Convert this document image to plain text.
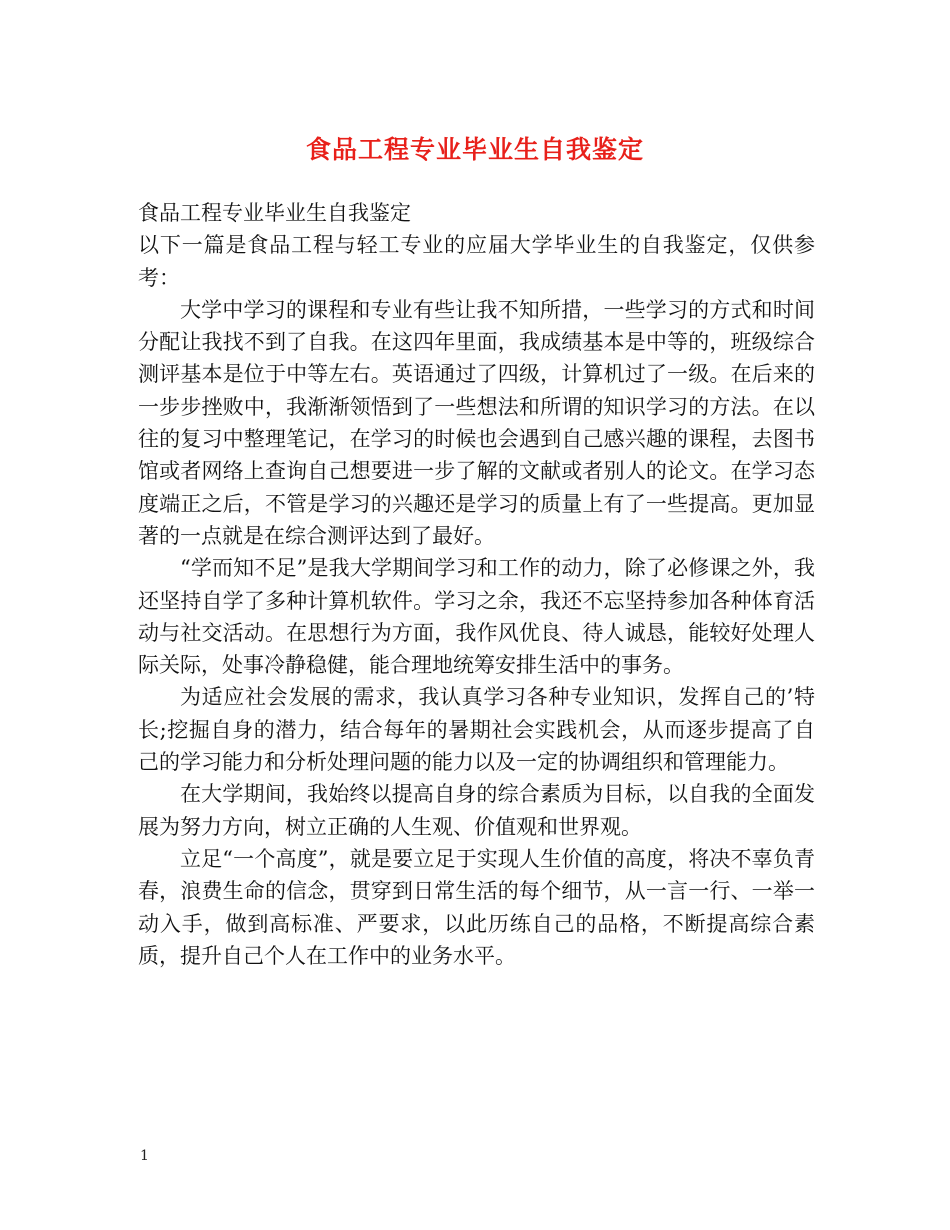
食品工程专业毕业生自我鉴定

食品工程专业毕业生自我鉴定

以下一篇是食品工程与轻工专业的应届大学毕业生的自我鉴定，仅供参考：

大学中学习的课程和专业有些让我不知所措，一些学习的方式和时间分配让我找不到了自我。在这四年里面，我成绩基本是中等的，班级综合测评基本是位于中等左右。英语通过了四级，计算机过了一级。在后来的一步步挫败中，我渐渐领悟到了一些想法和所谓的知识学习的方法。在以往的复习中整理笔记，在学习的时候也会遇到自己感兴趣的课程，去图书馆或者网络上查询自己想要进一步了解的文献或者别人的论文。在学习态度端正之后，不管是学习的兴趣还是学习的质量上有了一些提高。更加显著的一点就是在综合测评达到了最好。

“学而知不足”是我大学期间学习和工作的动力，除了必修课之外，我还坚持自学了多种计算机软件。学习之余，我还不忘坚持参加各种体育活动与社交活动。在思想行为方面，我作风优良、待人诚恳，能较好处理人际关际，处事冷静稳健，能合理地统筹安排生活中的事务。

为适应社会发展的需求，我认真学习各种专业知识，发挥自己的’特长;挖掘自身的潜力，结合每年的暑期社会实践机会，从而逐步提高了自己的学习能力和分析处理问题的能力以及一定的协调组织和管理能力。

在大学期间，我始终以提高自身的综合素质为目标，以自我的全面发展为努力方向，树立正确的人生观、价值观和世界观。

立足“一个高度”，就是要立足于实现人生价值的高度，将决不辜负青春，浪费生命的信念，贯穿到日常生活的每个细节，从一言一行、一举一动入手，做到高标准、严要求，以此历练自己的品格，不断提高综合素质，提升自己个人在工作中的业务水平。

1
